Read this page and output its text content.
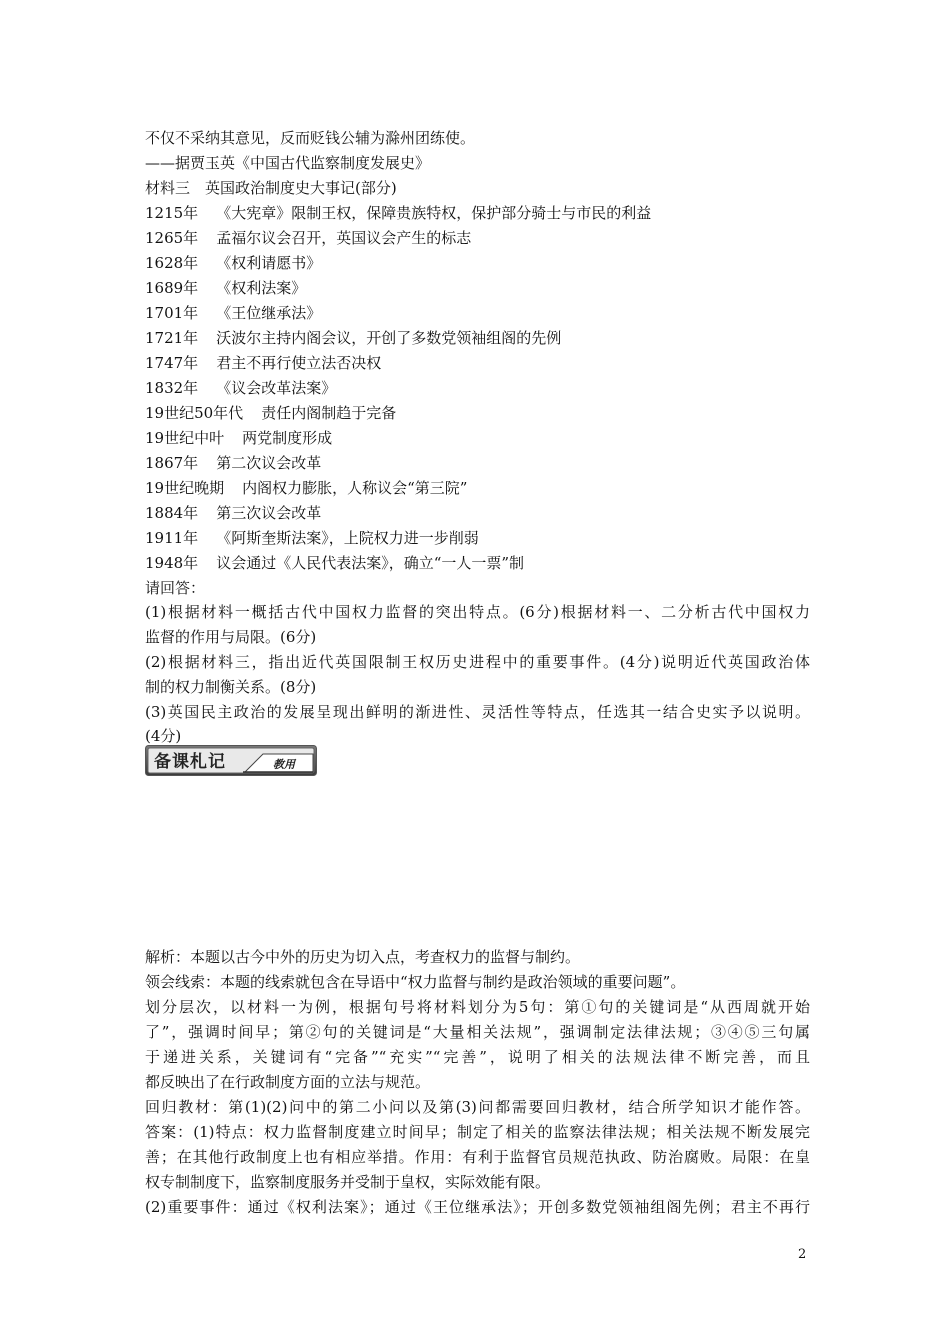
不仅不采纳其意见，反而贬钱公辅为滁州团练使。
——据贾玉英《中国古代监察制度发展史》
材料三　英国政治制度史大事记(部分)
1215年 《大宪章》限制王权，保障贵族特权，保护部分骑士与市民的利益
1265年 孟福尔议会召开，英国议会产生的标志
1628年 《权利请愿书》
1689年 《权利法案》
1701年 《王位继承法》
1721年 沃波尔主持内阁会议，开创了多数党领袖组阁的先例
1747年 君主不再行使立法否决权
1832年 《议会改革法案》
19世纪50年代 责任内阁制趋于完备
19世纪中叶 两党制度形成
1867年 第二次议会改革
19世纪晚期 内阁权力膨胀，人称议会“第三院”
1884年 第三次议会改革
1911年 《阿斯奎斯法案》，上院权力进一步削弱
1948年 议会通过《人民代表法案》，确立“一人一票”制
请回答：
(1)根据材料一概括古代中国权力监督的突出特点。(6分)根据材料一、二分析古代中国权力
监督的作用与局限。(6分)
(2)根据材料三，指出近代英国限制王权历史进程中的重要事件。(4分)说明近代英国政治体
制的权力制衡关系。(8分)
(3)英国民主政治的发展呈现出鲜明的渐进性、灵活性等特点，任选其一结合史实予以说明。
(4分)
备课札记	教用
解析：本题以古今中外的历史为切入点，考查权力的监督与制约。
领会线索：本题的线索就包含在导语中“权力监督与制约是政治领域的重要问题”。
划分层次，以材料一为例，根据句号将材料划分为5句：第①句的关键词是“从西周就开始
了”，强调时间早；第②句的关键词是“大量相关法规”，强调制定法律法规；③④⑤三句属
于递进关系，关键词有“完备”“充实”“完善”，说明了相关的法规法律不断完善，而且
都反映出了在行政制度方面的立法与规范。
回归教材：第(1)(2)问中的第二小问以及第(3)问都需要回归教材，结合所学知识才能作答。
答案：(1)特点：权力监督制度建立时间早；制定了相关的监察法律法规；相关法规不断发展完
善；在其他行政制度上也有相应举措。作用：有利于监督官员规范执政、防治腐败。局限：在皇
权专制制度下，监察制度服务并受制于皇权，实际效能有限。
(2)重要事件：通过《权利法案》；通过《王位继承法》；开创多数党领袖组阁先例；君主不再行
2
